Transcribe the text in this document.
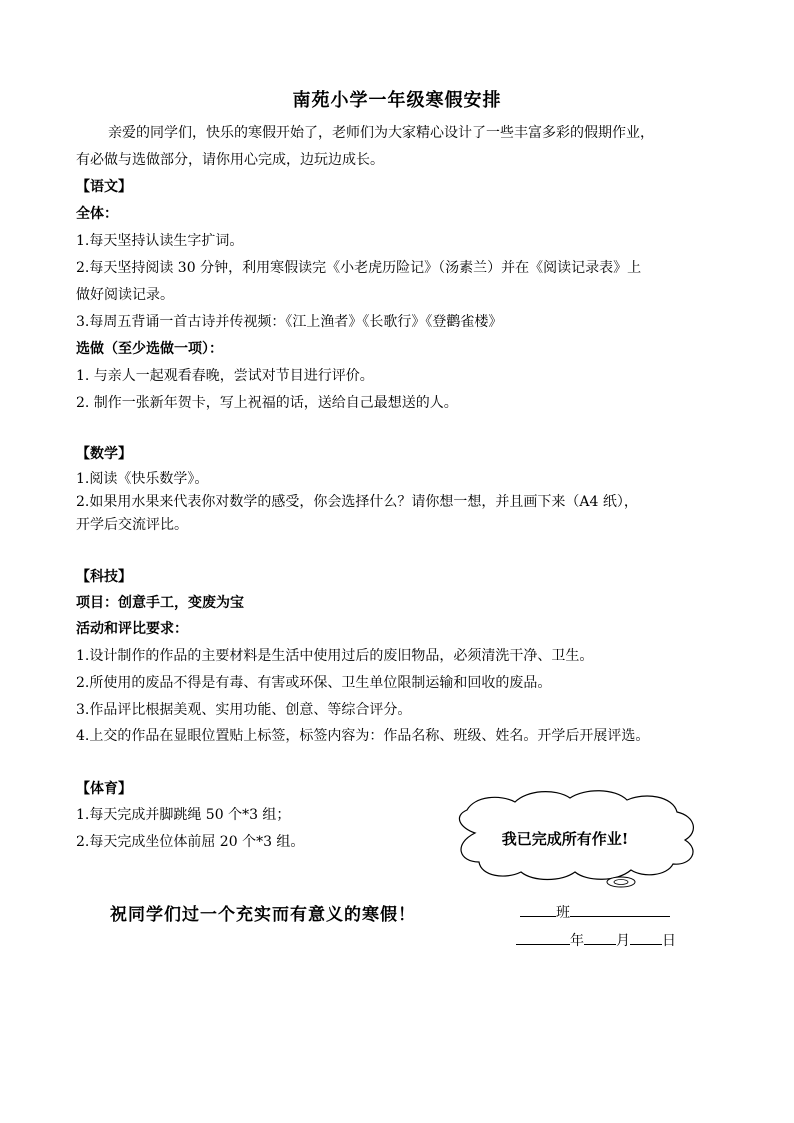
南苑小学一年级寒假安排
亲爱的同学们，快乐的寒假开始了，老师们为大家精心设计了一些丰富多彩的假期作业，
有必做与选做部分，请你用心完成，边玩边成长。
【语文】
全体：
1.每天坚持认读生字扩词。
2.每天坚持阅读 30 分钟，利用寒假读完《小老虎历险记》（汤素兰）并在《阅读记录表》上
做好阅读记录。
3.每周五背诵一首古诗并传视频：《江上渔者》《长歌行》《登鹳雀楼》
选做（至少选做一项）：
1. 与亲人一起观看春晚，尝试对节目进行评价。
2. 制作一张新年贺卡，写上祝福的话，送给自己最想送的人。
【数学】
1.阅读《快乐数学》。
2.如果用水果来代表你对数学的感受，你会选择什么？请你想一想，并且画下来（A4 纸），
开学后交流评比。
【科技】
项目：创意手工，变废为宝
活动和评比要求：
1.设计制作的作品的主要材料是生活中使用过后的废旧物品，必须清洗干净、卫生。
2.所使用的废品不得是有毒、有害或环保、卫生单位限制运输和回收的废品。
3.作品评比根据美观、实用功能、创意、等综合评分。
4.上交的作品在显眼位置贴上标签，标签内容为：作品名称、班级、姓名。开学后开展评选。
【体育】
1.每天完成并脚跳绳 50 个*3 组；
2.每天完成坐位体前屈 20 个*3 组。	我已完成所有作业!
祝同学们过一个充实而有意义的寒假！	班
年 月 日
